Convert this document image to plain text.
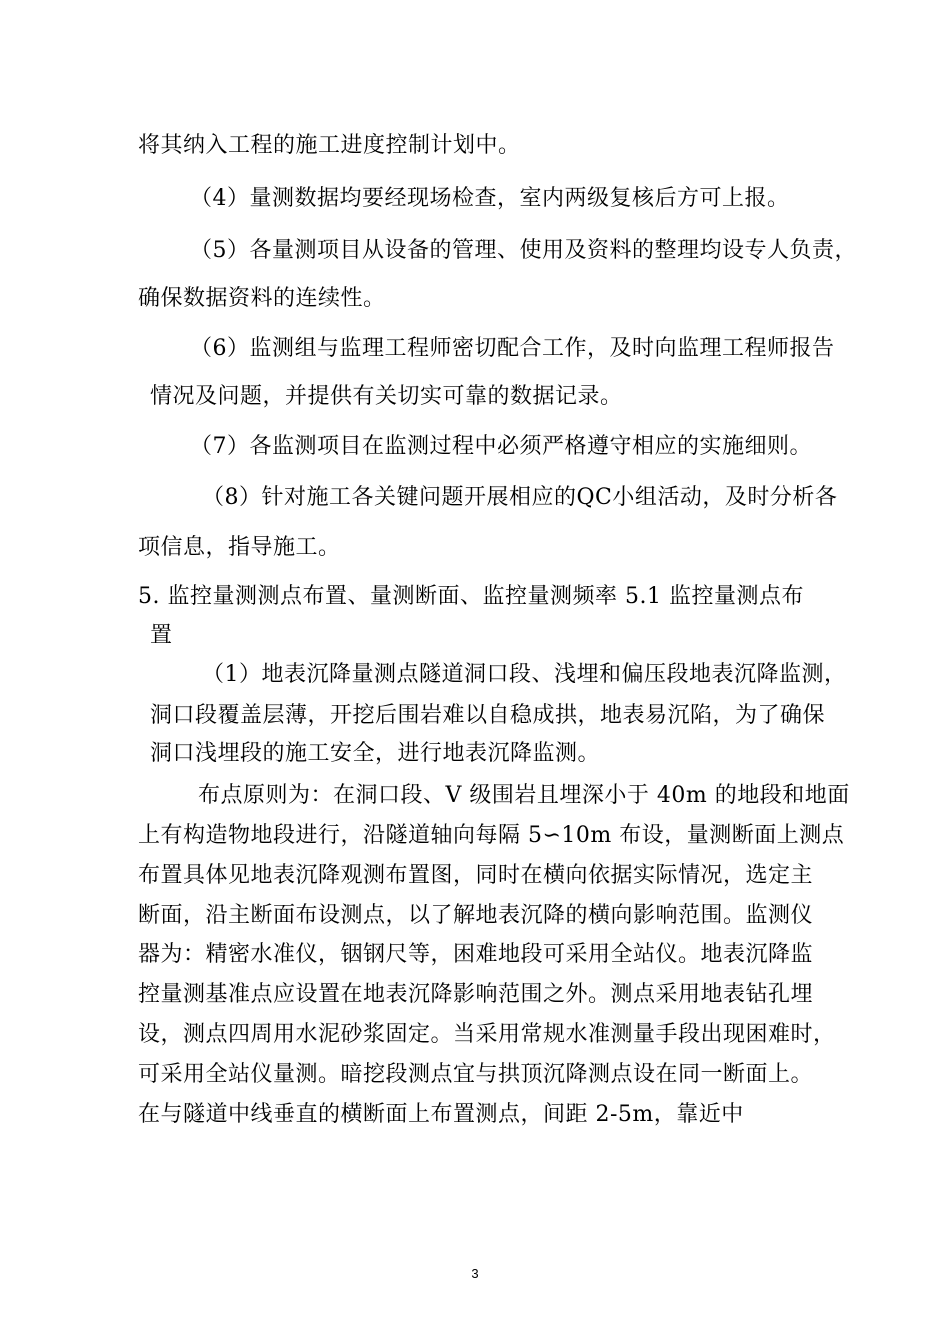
将其纳入工程的施工进度控制计划中。
（4）量测数据均要经现场检查，室内两级复核后方可上报。
（5）各量测项目从设备的管理、使用及资料的整理均设专人负责，
确保数据资料的连续性。
（6）监测组与监理工程师密切配合工作，及时向监理工程师报告
情况及问题，并提供有关切实可靠的数据记录。
（7）各监测项目在监测过程中必须严格遵守相应的实施细则。
（8）针对施工各关键问题开展相应的QC小组活动，及时分析各
项信息，指导施工。
5. 监控量测测点布置、量测断面、监控量测频率 5.1 监控量测点布
置
（1）地表沉降量测点隧道洞口段、浅埋和偏压段地表沉降监测，
洞口段覆盖层薄，开挖后围岩难以自稳成拱，地表易沉陷，为了确保
洞口浅埋段的施工安全，进行地表沉降监测。
布点原则为：在洞口段、V 级围岩且埋深小于 40m 的地段和地面
上有构造物地段进行，沿隧道轴向每隔 5∽10m 布设，量测断面上测点
布置具体见地表沉降观测布置图，同时在横向依据实际情况，选定主
断面，沿主断面布设测点，以了解地表沉降的横向影响范围。监测仪
器为：精密水准仪，铟钢尺等，困难地段可采用全站仪。地表沉降监
控量测基准点应设置在地表沉降影响范围之外。测点采用地表钻孔埋
设，测点四周用水泥砂浆固定。当采用常规水准测量手段出现困难时，
可采用全站仪量测。暗挖段测点宜与拱顶沉降测点设在同一断面上。
在与隧道中线垂直的横断面上布置测点，间距 2-5m，靠近中
3
